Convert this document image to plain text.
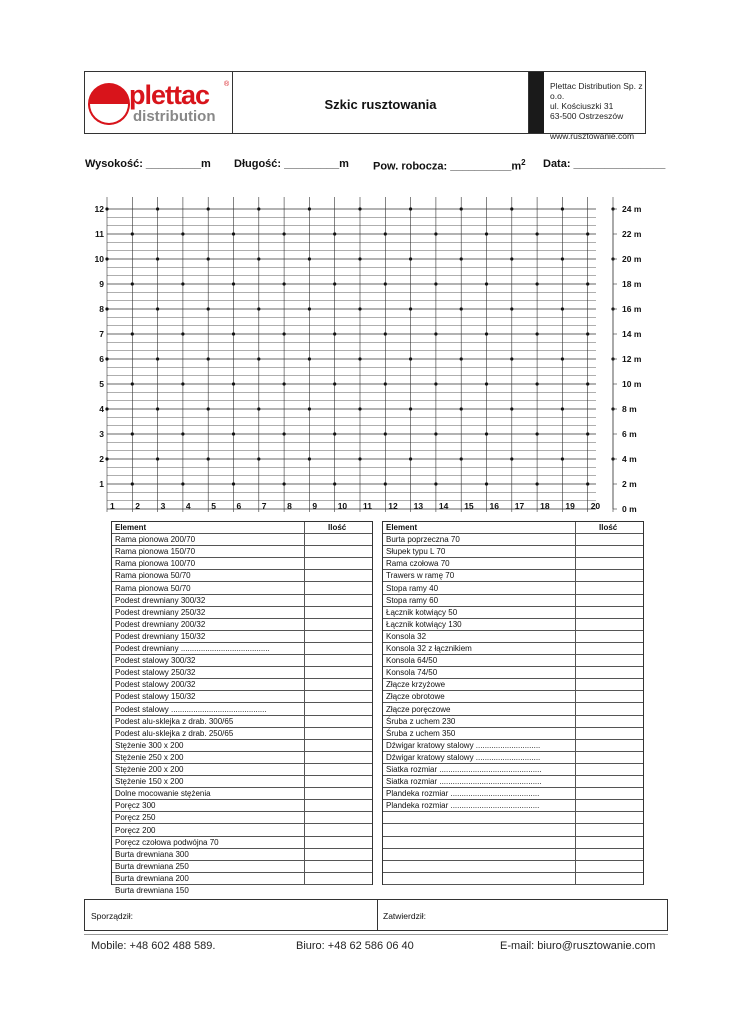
plettac ®
distribution
Szkic rusztowania
Plettac Distribution Sp. z o.o.
ul. Kościuszki 31
63-500 Ostrzeszów
www.rusztowanie.com
Wysokość: _________m Długość: _________m Pow. robocza: $\_\_\_\_\_\_\_\_\_\_m^2$ Data: _______________
12
11
10
9
8
7
6
5
4
3
2
1
24 m
22 m
20 m
18 m
16 m
14 m
12 m
10 m
8 m
6 m
4 m
2 m
0 m
1 2 3 4 5 6 7 8 9 10 11 12 13 14 15 16 17 18 19 20
Element	Ilość
Rama pionowa 200/70
Rama pionowa 150/70
Rama pionowa 100/70
Rama pionowa 50/70
Rama pionowa 50/70
Podest drewniany 300/32
Podest drewniany 250/32
Podest drewniany 200/32
Podest drewniany 150/32
Podest drewniany ........................................
Podest stalowy 300/32
Podest stalowy 250/32
Podest stalowy 200/32
Podest stalowy 150/32
Podest stalowy ...........................................
Podest alu-sklejka z drab. 300/65
Podest alu-sklejka z drab. 250/65
Stężenie 300 x 200
Stężenie 250 x 200
Stężenie 200 x 200
Stężenie 150 x 200
Dolne mocowanie stężenia
Poręcz 300
Poręcz 250
Poręcz 200
Poręcz czołowa podwójna 70
Burta drewniana 300
Burta drewniana 250
Burta drewniana 200
Burta drewniana 150
Element	Ilość
Burta poprzeczna 70
Słupek typu L 70
Rama czołowa 70
Trawers w ramę 70
Stopa ramy 40
Stopa ramy 60
Łącznik kotwiący 50
Łącznik kotwiący 130
Konsola 32
Konsola 32 z łącznikiem
Konsola 64/50
Konsola 74/50
Złącze krzyżowe
Złącze obrotowe
Złącze poręczowe
Śruba z uchem 230
Śruba z uchem 350
Dźwigar kratowy stalowy .............................
Dźwigar kratowy stalowy .............................
Siatka rozmiar ..............................................
Siatka rozmiar ..............................................
Plandeka rozmiar ........................................
Plandeka rozmiar ........................................
Sporządził:	Zatwierdził:
Mobile: +48 602 488 589.	Biuro: +48 62 586 06 40	E-mail: biuro@rusztowanie.com
